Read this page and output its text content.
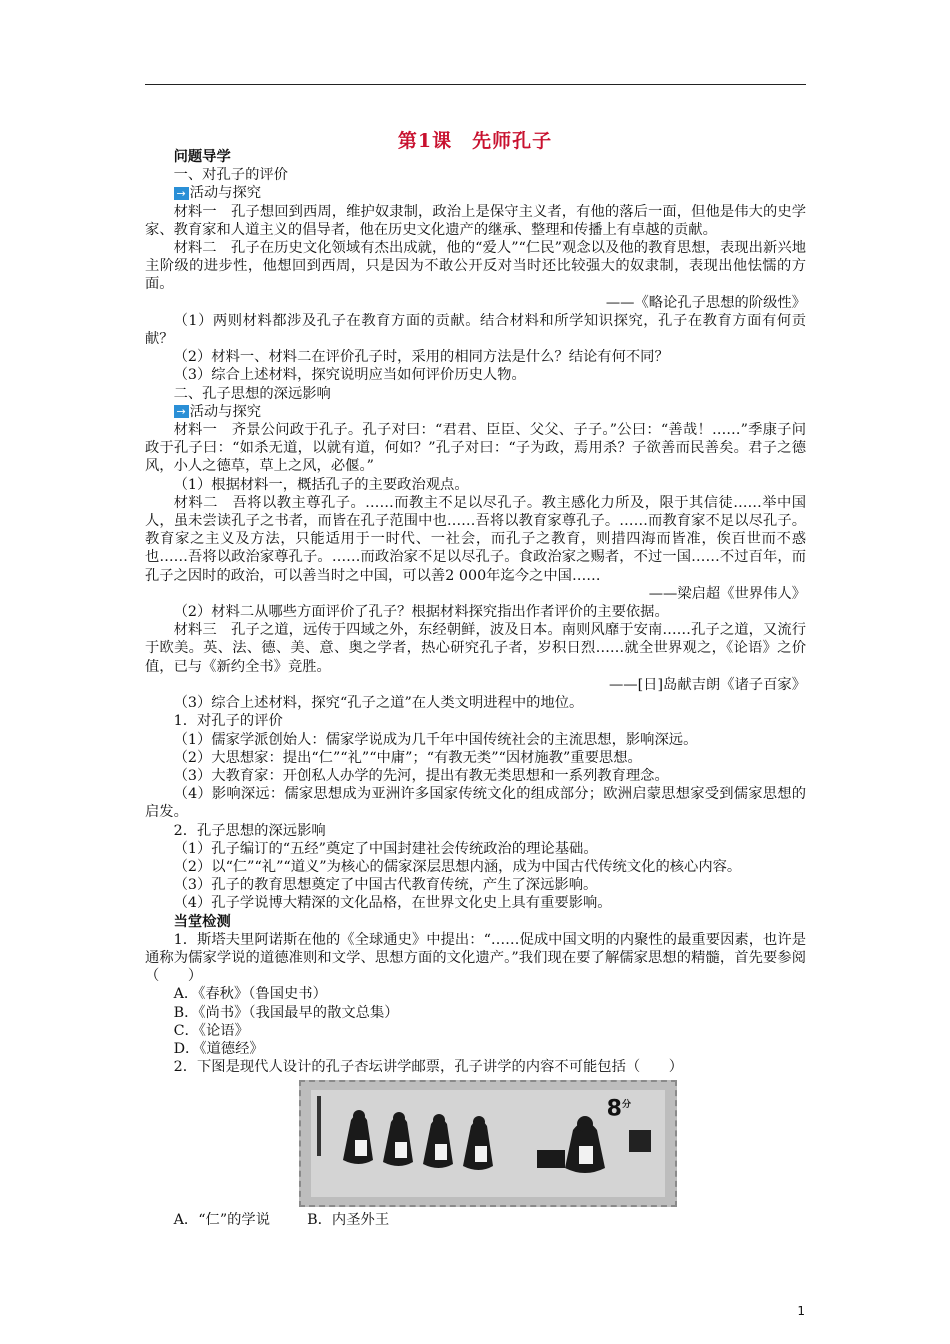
第1课　先师孔子

问题导学

一、对孔子的评价

→ 活动与探究

材料一　孔子想回到西周，维护奴隶制，政治上是保守主义者，有他的落后一面，但他是伟大的史学家、教育家和人道主义的倡导者，他在历史文化遗产的继承、整理和传播上有卓越的贡献。

材料二　孔子在历史文化领域有杰出成就，他的“爱人”“仁民”观念以及他的教育思想，表现出新兴地主阶级的进步性，他想回到西周，只是因为不敢公开反对当时还比较强大的奴隶制，表现出他怯懦的方面。

——《略论孔子思想的阶级性》

（1）两则材料都涉及孔子在教育方面的贡献。结合材料和所学知识探究，孔子在教育方面有何贡献？

（2）材料一、材料二在评价孔子时，采用的相同方法是什么？结论有何不同？

（3）综合上述材料，探究说明应当如何评价历史人物。

二、孔子思想的深远影响

→ 活动与探究

材料一　齐景公问政于孔子。孔子对曰：“君君、臣臣、父父、子子。”公曰：“善哉！……”季康子问政于孔子曰：“如杀无道，以就有道，何如？”孔子对曰：“子为政，焉用杀？子欲善而民善矣。君子之德风，小人之德草，草上之风，必偃。”

（1）根据材料一，概括孔子的主要政治观点。

材料二　吾将以教主尊孔子。……而教主不足以尽孔子。教主感化力所及，限于其信徒……举中国人，虽未尝读孔子之书者，而皆在孔子范围中也……吾将以教育家尊孔子。……而教育家不足以尽孔子。教育家之主义及方法，只能适用于一时代、一社会，而孔子之教育，则措四海而皆准，俟百世而不惑也……吾将以政治家尊孔子。……而政治家不足以尽孔子。食政治家之赐者，不过一国……不过百年，而孔子之因时的政治，可以善当时之中国，可以善2 000年迄今之中国……

——梁启超《世界伟人》

（2）材料二从哪些方面评价了孔子？根据材料探究指出作者评价的主要依据。

材料三　孔子之道，远传于四域之外，东经朝鲜，波及日本。南则风靡于安南……孔子之道，又流行于欧美。英、法、德、美、意、奥之学者，热心研究孔子者，岁积日烈……就全世界观之，《论语》之价值，已与《新约全书》竞胜。

——[日]岛献吉朗《诸子百家》

（3）综合上述材料，探究“孔子之道”在人类文明进程中的地位。

1．对孔子的评价

（1）儒家学派创始人：儒家学说成为几千年中国传统社会的主流思想，影响深远。

（2）大思想家：提出“仁”“礼”“中庸”；“有教无类”“因材施教”重要思想。

（3）大教育家：开创私人办学的先河，提出有教无类思想和一系列教育理念。

（4）影响深远：儒家思想成为亚洲许多国家传统文化的组成部分；欧洲启蒙思想家受到儒家思想的启发。

2．孔子思想的深远影响

（1）孔子编订的“五经”奠定了中国封建社会传统政治的理论基础。

（2）以“仁”“礼”“道义”为核心的儒家深层思想内涵，成为中国古代传统文化的核心内容。

（3）孔子的教育思想奠定了中国古代教育传统，产生了深远影响。

（4）孔子学说博大精深的文化品格，在世界文化史上具有重要影响。

当堂检测

1．斯塔夫里阿诺斯在他的《全球通史》中提出：“……促成中国文明的内聚性的最重要因素，也许是通称为儒家学说的道德准则和文学、思想方面的文化遗产。”我们现在要了解儒家思想的精髓，首先要参阅（　　）

A．《春秋》（鲁国史书）

B．《尚书》（我国最早的散文总集）

C．《论语》

D．《道德经》

2．下图是现代人设计的孔子杏坛讲学邮票，孔子讲学的内容不可能包括（　　）

$8^分$

A．“仁”的学说	B．内圣外王

1
